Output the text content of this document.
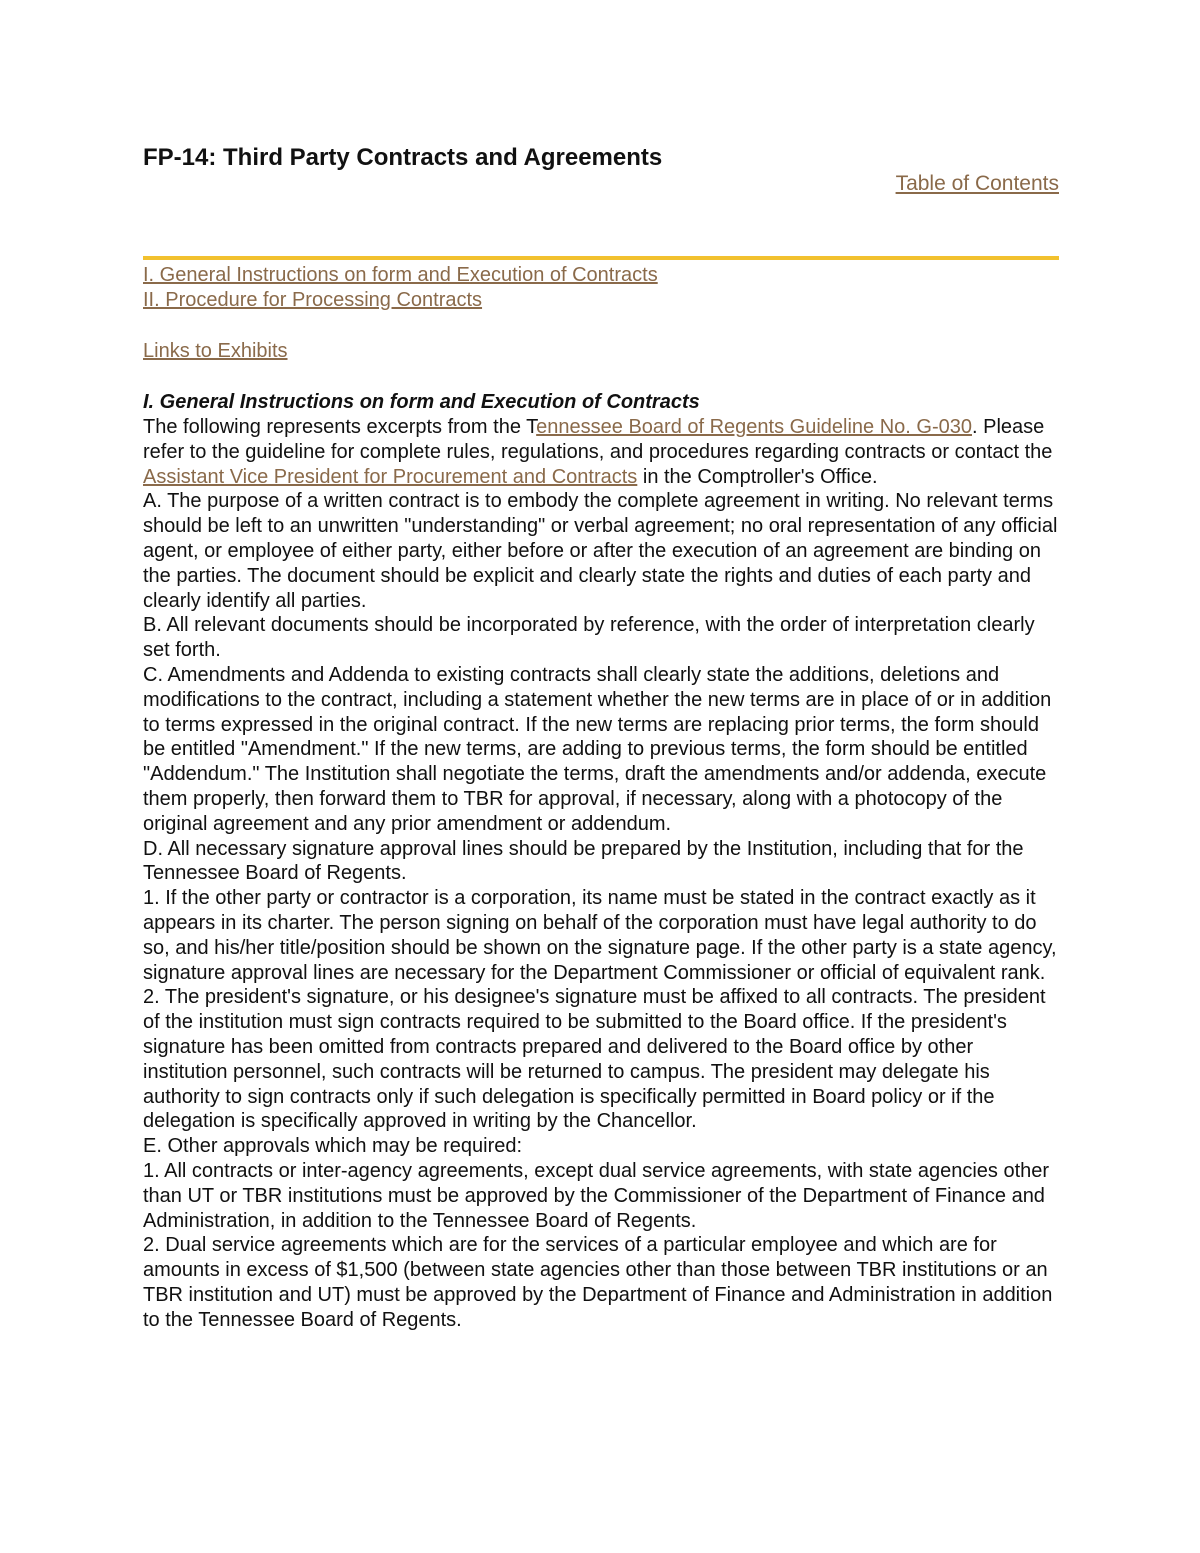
FP-14: Third Party Contracts and Agreements
Table of Contents
I. General Instructions on form and Execution of Contracts
II. Procedure for Processing Contracts
Links to Exhibits
I. General Instructions on form and Execution of Contracts

The following represents excerpts from the Tennessee Board of Regents Guideline No. G-030. Please refer to the guideline for complete rules, regulations, and procedures regarding contracts or contact the Assistant Vice President for Procurement and Contracts in the Comptroller's Office.

A. The purpose of a written contract is to embody the complete agreement in writing. No relevant terms should be left to an unwritten "understanding" or verbal agreement; no oral representation of any official agent, or employee of either party, either before or after the execution of an agreement are binding on the parties. The document should be explicit and clearly state the rights and duties of each party and clearly identify all parties.

B. All relevant documents should be incorporated by reference, with the order of interpretation clearly set forth.

C. Amendments and Addenda to existing contracts shall clearly state the additions, deletions and modifications to the contract, including a statement whether the new terms are in place of or in addition to terms expressed in the original contract. If the new terms are replacing prior terms, the form should be entitled "Amendment." If the new terms, are adding to previous terms, the form should be entitled "Addendum." The Institution shall negotiate the terms, draft the amendments and/or addenda, execute them properly, then forward them to TBR for approval, if necessary, along with a photocopy of the original agreement and any prior amendment or addendum.

D. All necessary signature approval lines should be prepared by the Institution, including that for the Tennessee Board of Regents.

1. If the other party or contractor is a corporation, its name must be stated in the contract exactly as it appears in its charter. The person signing on behalf of the corporation must have legal authority to do so, and his/her title/position should be shown on the signature page. If the other party is a state agency, signature approval lines are necessary for the Department Commissioner or official of equivalent rank.

2. The president's signature, or his designee's signature must be affixed to all contracts. The president of the institution must sign contracts required to be submitted to the Board office. If the president's signature has been omitted from contracts prepared and delivered to the Board office by other institution personnel, such contracts will be returned to campus. The president may delegate his authority to sign contracts only if such delegation is specifically permitted in Board policy or if the delegation is specifically approved in writing by the Chancellor.

E. Other approvals which may be required:

1. All contracts or inter-agency agreements, except dual service agreements, with state agencies other than UT or TBR institutions must be approved by the Commissioner of the Department of Finance and Administration, in addition to the Tennessee Board of Regents.

2. Dual service agreements which are for the services of a particular employee and which are for amounts in excess of $1,500 (between state agencies other than those between TBR institutions or an TBR institution and UT) must be approved by the Department of Finance and Administration in addition to the Tennessee Board of Regents.
